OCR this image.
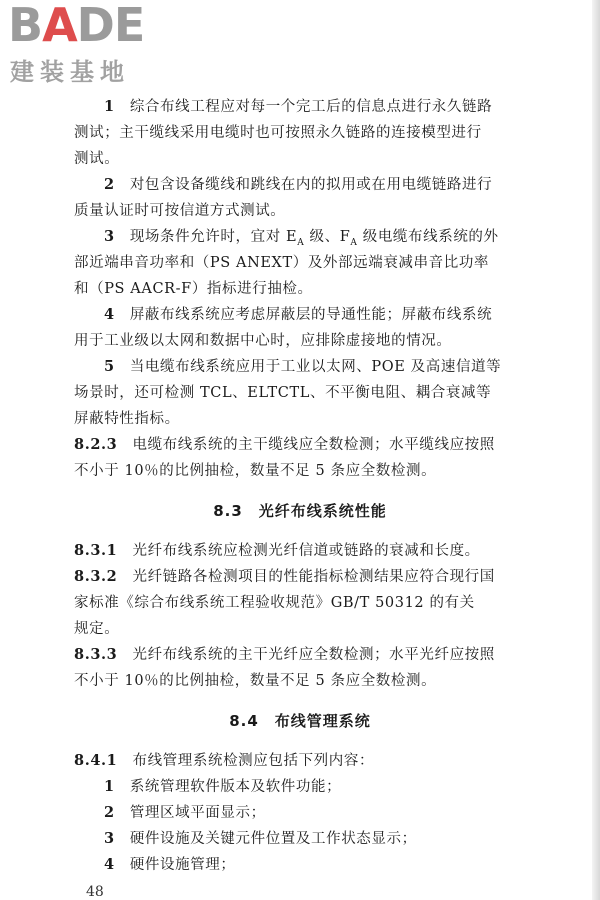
BADE
建装基地
1　 综合布线工程应对每一个完工后的信息点进行永久链路
测试；主干缆线采用电缆时也可按照永久链路的连接模型进行
测试。
2　 对包含设备缆线和跳线在内的拟用或在用电缆链路进行
质量认证时可按信道方式测试。
3　 现场条件允许时，宜对 $E_A$ 级、$F_A$ 级电缆布线系统的外
部近端串音功率和（PS ANEXT）及外部远端衰减串音比功率
和（PS AACR-F）指标进行抽检。
4　 屏蔽布线系统应考虑屏蔽层的导通性能；屏蔽布线系统
用于工业级以太网和数据中心时，应排除虚接地的情况。
5　 当电缆布线系统应用于工业以太网、POE 及高速信道等
场景时，还可检测 TCL、ELTCTL、不平衡电阻、耦合衰减等
屏蔽特性指标。
8.2.3　 电缆布线系统的主干缆线应全数检测；水平缆线应按照
不小于 10％的比例抽检，数量不足 5 条应全数检测。
8.3　 光纤布线系统性能
8.3.1　 光纤布线系统应检测光纤信道或链路的衰减和长度。
8.3.2　 光纤链路各检测项目的性能指标检测结果应符合现行国
家标准《综合布线系统工程验收规范》GB/T 50312 的有关
规定。
8.3.3　 光纤布线系统的主干光纤应全数检测；水平光纤应按照
不小于 10％的比例抽检，数量不足 5 条应全数检测。
8.4　 布线管理系统
8.4.1　 布线管理系统检测应包括下列内容：
1　 系统管理软件版本及软件功能；
2　 管理区域平面显示；
3　 硬件设施及关键元件位置及工作状态显示；
4　 硬件设施管理；
48
